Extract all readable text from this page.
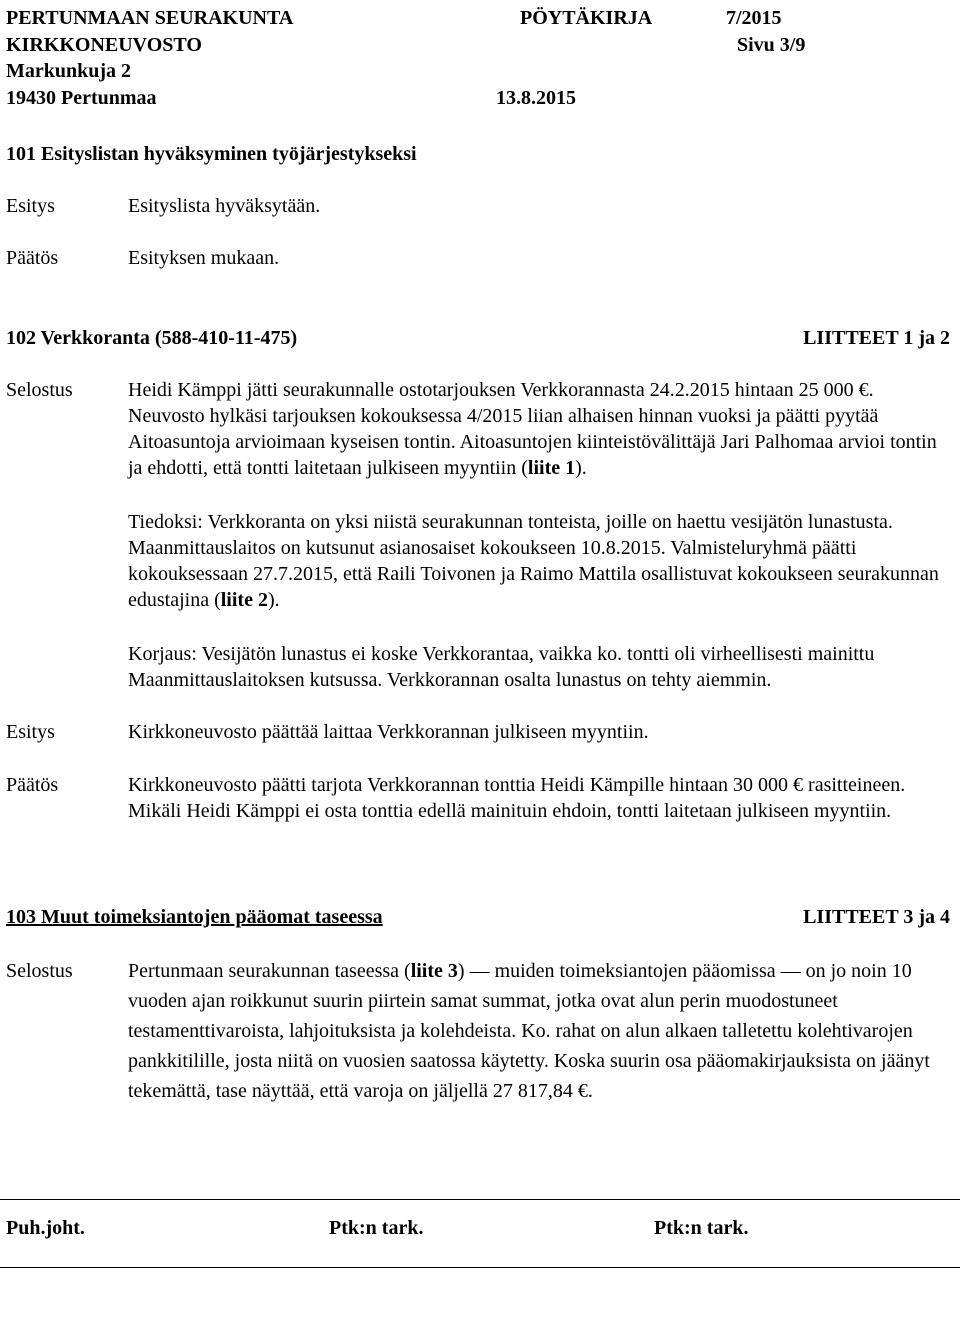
PERTUNMAAN SEURAKUNTA	PÖYTÄKIRJA	7/2015
KIRKKONEUVOSTO	Sivu 3/9
Markunkuja 2
19430 Pertunmaa	13.8.2015
101 Esityslistan hyväksyminen työjärjestykseksi
Esitys	Esityslista hyväksytään.
Päätös	Esityksen mukaan.
102 Verkkoranta (588-410-11-475)	LIITTEET 1 ja 2
Selostus	Heidi Kämppi jätti seurakunnalle ostotarjouksen Verkkorannasta 24.2.2015 hintaan 25 000 €. Neuvosto hylkäsi tarjouksen kokouksessa 4/2015 liian alhaisen hinnan vuoksi ja päätti pyytää Aitoasuntoja arvioimaan kyseisen tontin. Aitoasuntojen kiinteistövälittäjä Jari Palhomaa arvioi tontin ja ehdotti, että tontti laitetaan julkiseen myyntiin (liite 1).

Tiedoksi: Verkkoranta on yksi niistä seurakunnan tonteista, joille on haettu vesijätön lunastusta. Maanmittauslaitos on kutsunut asianosaiset kokoukseen 10.8.2015. Valmisteluryhmä päätti kokouksessaan 27.7.2015, että Raili Toivonen ja Raimo Mattila osallistuvat kokoukseen seurakunnan edustajina (liite 2).

Korjaus: Vesijätön lunastus ei koske Verkkorantaa, vaikka ko. tontti oli virheellisesti mainittu Maanmittauslaitoksen kutsussa. Verkkorannan osalta lunastus on tehty aiemmin.

Esitys	Kirkkoneuvosto päättää laittaa Verkkorannan julkiseen myyntiin.
Päätös	Kirkkoneuvosto päätti tarjota Verkkorannan tonttia Heidi Kämpille hintaan 30 000 € rasitteineen. Mikäli Heidi Kämppi ei osta tonttia edellä mainituin ehdoin, tontti laitetaan julkiseen myyntiin.

103 Muut toimeksiantojen pääomat taseessa	LIITTEET 3 ja 4
Selostus	Pertunmaan seurakunnan taseessa (liite 3) — muiden toimeksiantojen pääomissa — on jo noin 10 vuoden ajan roikkunut suurin piirtein samat summat, jotka ovat alun perin muodostuneet testamenttivaroista, lahjoituksista ja kolehdeista. Ko. rahat on alun alkaen talletettu kolehtivarojen pankkitilille, josta niitä on vuosien saatossa käytetty. Koska suurin osa pääomakirjauksista on jäänyt tekemättä, tase näyttää, että varoja on jäljellä 27 817,84 €.

Puh.joht.	Ptk:n tark.	Ptk:n tark.
